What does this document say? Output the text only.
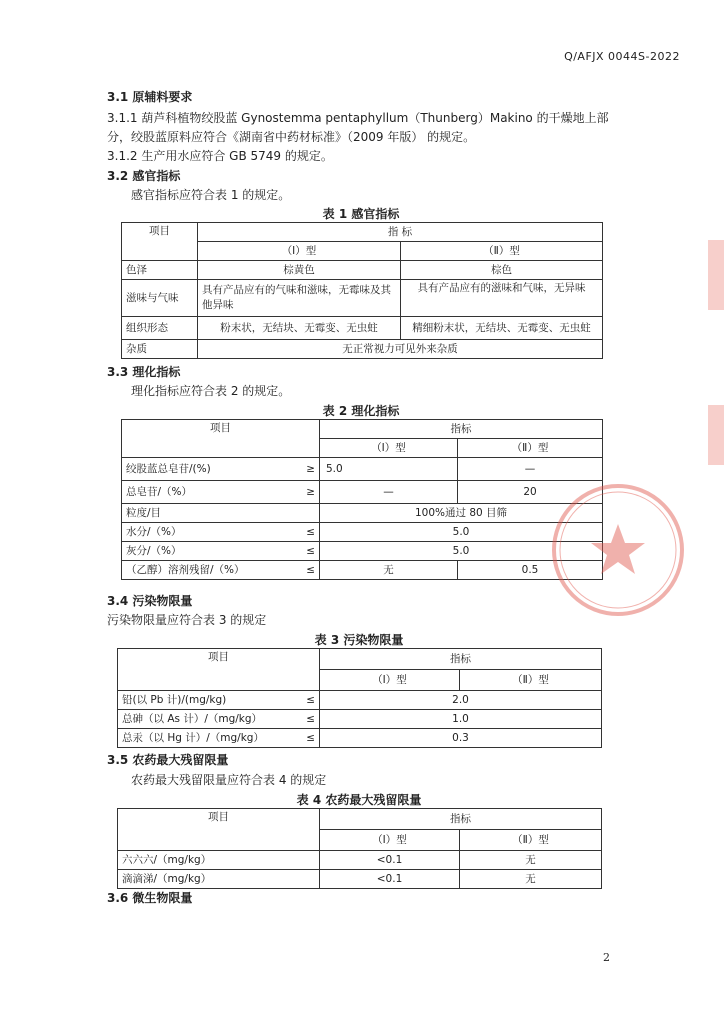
Q/AFJX 0044S-2022
3.1 原辅料要求
3.1.1 葫芦科植物绞股蓝 Gynostemma pentaphyllum（Thunberg）Makino 的干燥地上部
分，绞股蓝原料应符合《湖南省中药材标准》（2009 年版） 的规定。
3.1.2 生产用水应符合 GB 5749 的规定。
3.2 感官指标
感官指标应符合表 1 的规定。
表 1 感官指标
项目	指 标	
	（Ⅰ）型	（Ⅱ）型
色泽	棕黄色	棕色
滋味与气味	具有产品应有的气味和滋味，无霉味及其他异味	具有产品应有的滋味和气味，无异味
组织形态	粉末状，无结块、无霉变、无虫蛀	精细粉末状，无结块、无霉变、无虫蛀
杂质	无正常视力可见外来杂质	
3.3 理化指标
理化指标应符合表 2 的规定。
表 2 理化指标
项目	指标	
	（Ⅰ）型	（Ⅱ）型
绞股蓝总皂苷/(%) ≥	5.0	—
总皂苷/（%） ≥	—	20
粒度/目	100%通过 80 目筛	
水分/（%） ≤	5.0	
灰分/（%） ≤	5.0	
（乙醇）溶剂残留/（%） ≤	无	0.5
3.4 污染物限量
污染物限量应符合表 3 的规定
表 3 污染物限量
项目	指标	
	（Ⅰ）型	（Ⅱ）型
铅(以 Pb 计)/(mg/kg) ≤	2.0	
总砷（以 As 计）/（mg/kg） ≤	1.0	
总汞（以 Hg 计）/（mg/kg） ≤	0.3	
3.5 农药最大残留限量
农药最大残留限量应符合表 4 的规定
表 4 农药最大残留限量
项目	指标	
	（Ⅰ）型	（Ⅱ）型
六六六/（mg/kg）	<0.1	无
滴滴涕/（mg/kg）	<0.1	无
3.6 微生物限量
2
